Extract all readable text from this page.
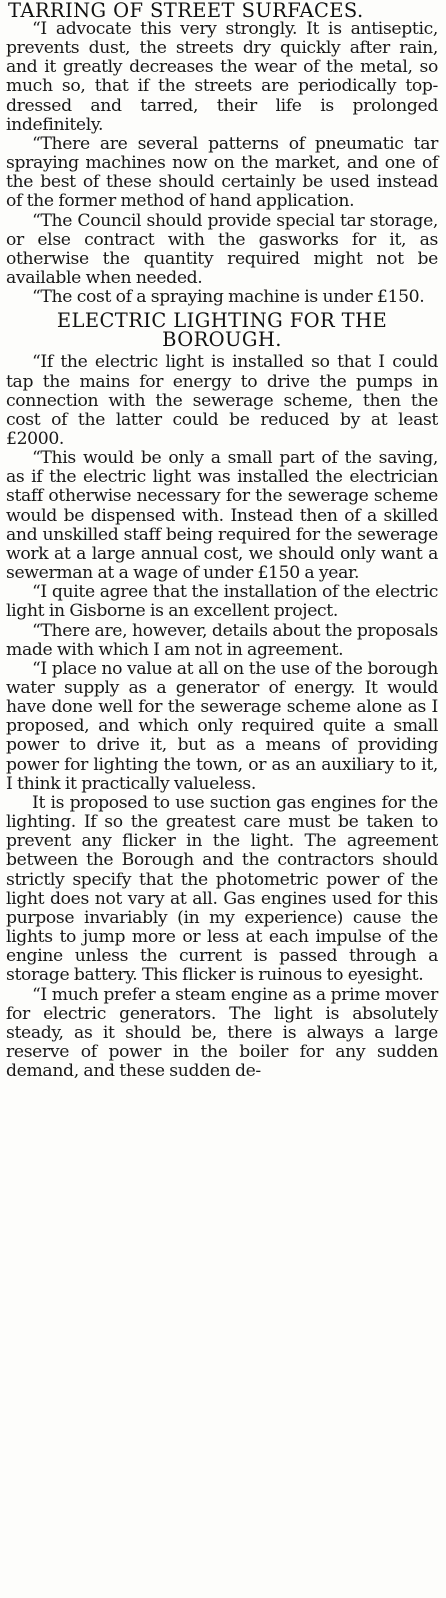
TARRING OF STREET SURFACES.

“I advocate this very strongly. It is antiseptic, prevents dust, the streets dry quickly after rain, and it greatly decreases the wear of the metal, so much so, that if the streets are periodically top-dressed and tarred, their life is prolonged indefinitely.

“There are several patterns of pneumatic tar spraying machines now on the market, and one of the best of these should certainly be used instead of the former method of hand application.

“The Council should provide special tar storage, or else contract with the gasworks for it, as otherwise the quantity required might not be available when needed.

“The cost of a spraying machine is under £150.

ELECTRIC LIGHTING FOR THE BOROUGH.

“If the electric light is installed so that I could tap the mains for energy to drive the pumps in connection with the sewerage scheme, then the cost of the latter could be reduced by at least £2000.

“This would be only a small part of the saving, as if the electric light was installed the electrician staff otherwise necessary for the sewerage scheme would be dispensed with. Instead then of a skilled and unskilled staff being required for the sewerage work at a large annual cost, we should only want a sewerman at a wage of under £150 a year.

“I quite agree that the installation of the electric light in Gisborne is an excellent project.

“There are, however, details about the proposals made with which I am not in agreement.

“I place no value at all on the use of the borough water supply as a generator of energy. It would have done well for the sewerage scheme alone as I proposed, and which only required quite a small power to drive it, but as a means of providing power for lighting the town, or as an auxiliary to it, I think it practically valueless.

It is proposed to use suction gas engines for the lighting. If so the greatest care must be taken to prevent any flicker in the light. The agreement between the Borough and the contractors should strictly specify that the photometric power of the light does not vary at all. Gas engines used for this purpose invariably (in my experience) cause the lights to jump more or less at each impulse of the engine unless the current is passed through a storage battery. This flicker is ruinous to eyesight.

“I much prefer a steam engine as a prime mover for electric generators. The light is absolutely steady, as it should be, there is always a large reserve of power in the boiler for any sudden demand, and these sudden de-
